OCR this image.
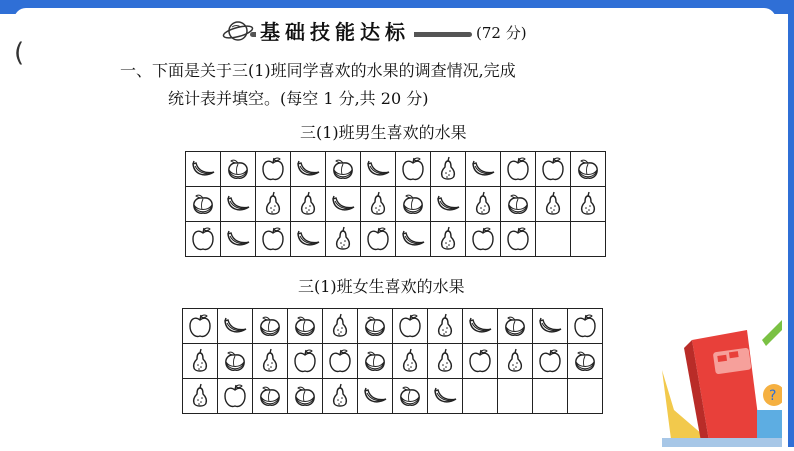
(
基础技能达标	(72 分)
一、下面是关于三(1)班同学喜欢的水果的调查情况,完成
统计表并填空。(每空 1 分,共 20 分)
三(1)班男生喜欢的水果

三(1)班女生喜欢的水果

?
